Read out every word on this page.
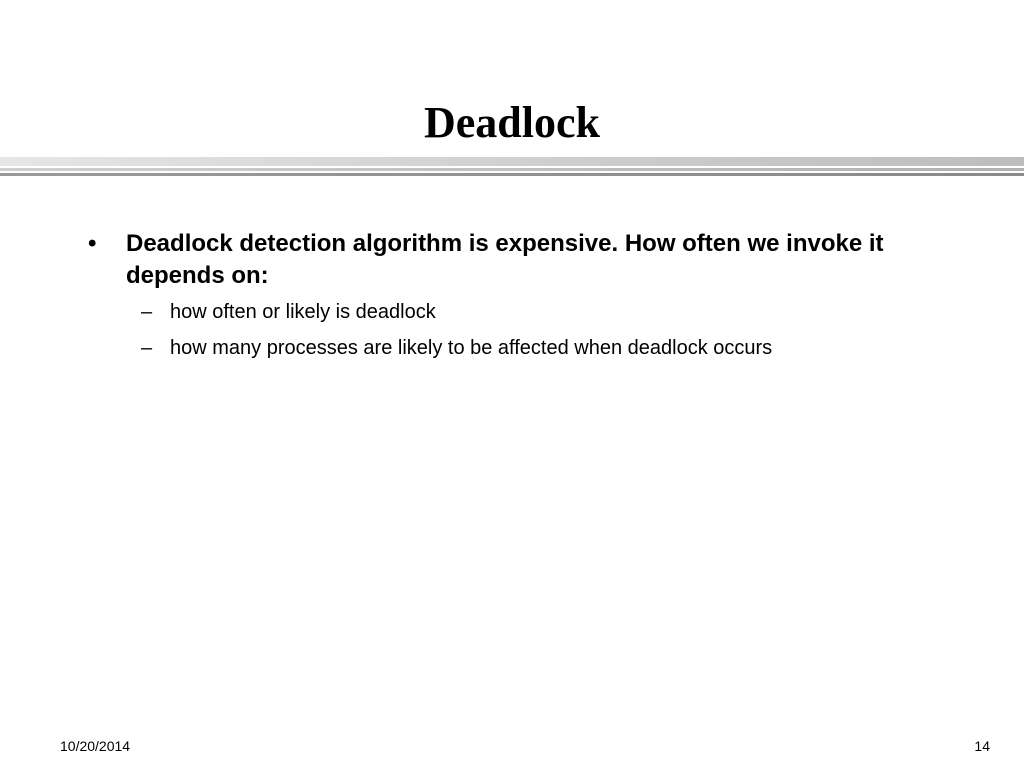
Deadlock
• Deadlock detection algorithm is expensive. How often we invoke it depends on:
– how often or likely is deadlock
– how many processes are likely to be affected when deadlock occurs
10/20/2014	14
